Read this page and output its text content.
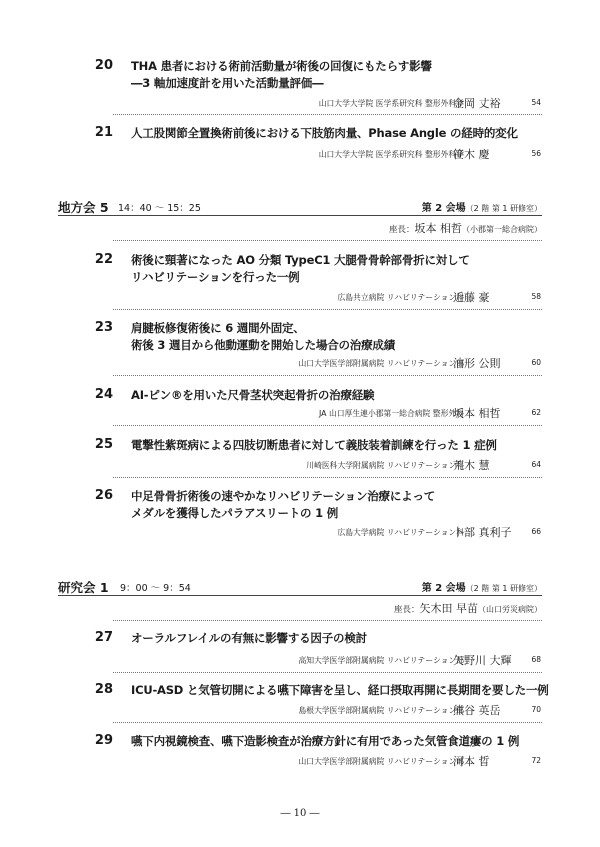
20 THA 患者における術前活動量が術後の回復にもたらす影響
―3 軸加速度計を用いた活動量評価―
山口大学大学院 医学系研究科 整形外科学
金岡 丈裕	54
21 人工股関節全置換術前後における下肢筋肉量、Phase Angle の経時的変化
山口大学大学院 医学系研究科 整形外科学
笹木 慶	56
地方会 5 14：40 ～ 15：25	第 2 会場（2 階 第 1 研修室）
座長：坂本 相哲（小郡第一総合病院）
22 術後に頸著になった AO 分類 TypeC1 大腿骨骨幹部骨折に対して
リハビリテーションを行った一例
広島共立病院 リハビリテーション科
近藤 豪	58
23 肩腱板修復術後に 6 週間外固定、
術後 3 週目から他動運動を開始した場合の治療成績
山口大学医学部附属病院 リハビリテーション部
油形 公則	60
24 AI-ピン®を用いた尺骨茎状突起骨折の治療経験
JA 山口厚生連小郡第一総合病院 整形外科
坂本 相哲	62
25 電撃性紫斑病による四肢切断患者に対して義肢装着訓練を行った 1 症例
川崎医科大学附属病院 リハビリテーション科
荒木 慧	64
26 中足骨骨折術後の速やかなリハビリテーション治療によって
メダルを獲得したパラアスリートの 1 例
広島大学病院 リハビリテーション科
卜部 真利子	66
研究会 1 9：00 ～ 9：54	第 2 会場（2 階 第 1 研修室）
座長：矢木田 早苗（山口労災病院）
27 オーラルフレイルの有無に影響する因子の検討
高知大学医学部附属病院 リハビリテーション部
矢野川 大輝	68
28 ICU-ASD と気管切開による嚥下障害を呈し、経口摂取再開に長期間を要した一例
島根大学医学部附属病院 リハビリテーション部
熊谷 英岳	70
29 嚥下内視鏡検査、嚥下造影検査が治療方針に有用であった気管食道瘻の 1 例
山口大学医学部附属病院 リハビリテーション部
河本 晢	72
― 10 ―
